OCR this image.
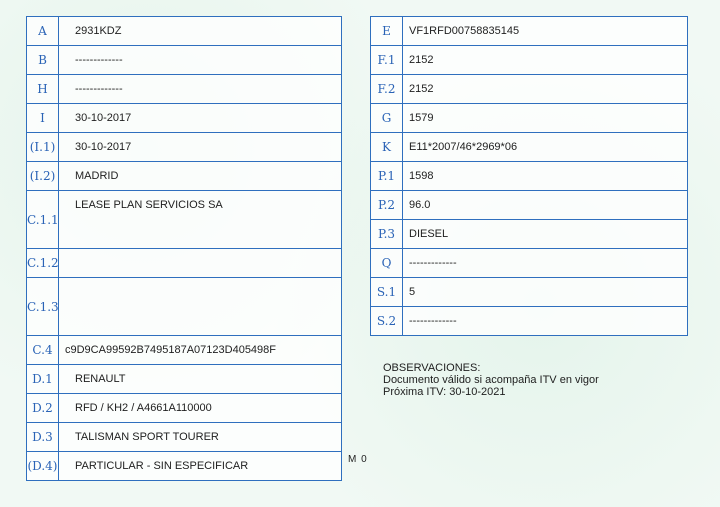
A	2931KDZ
B	-------------
H	-------------
I	30-10-2017
(I.1)	30-10-2017
(I.2)	MADRID
C.1.1	LEASE PLAN SERVICIOS SA
C.1.2	
C.1.3	
C.4	c9D9CA99592B7495187A07123D405498F
D.1	RENAULT
D.2	RFD / KH2 / A4661A110000
D.3	TALISMAN SPORT TOURER
(D.4)	PARTICULAR - SIN ESPECIFICAR
E	VF1RFD00758835145
F.1	2152
F.2	2152
G	1579
K	E11*2007/46*2969*06
P.1	1598
P.2	96.0
P.3	DIESEL
Q	-------------
S.1	5
S.2	-------------
OBSERVACIONES:
Documento válido si acompaña ITV en vigor
Próxima ITV: 30-10-2021
M 0
